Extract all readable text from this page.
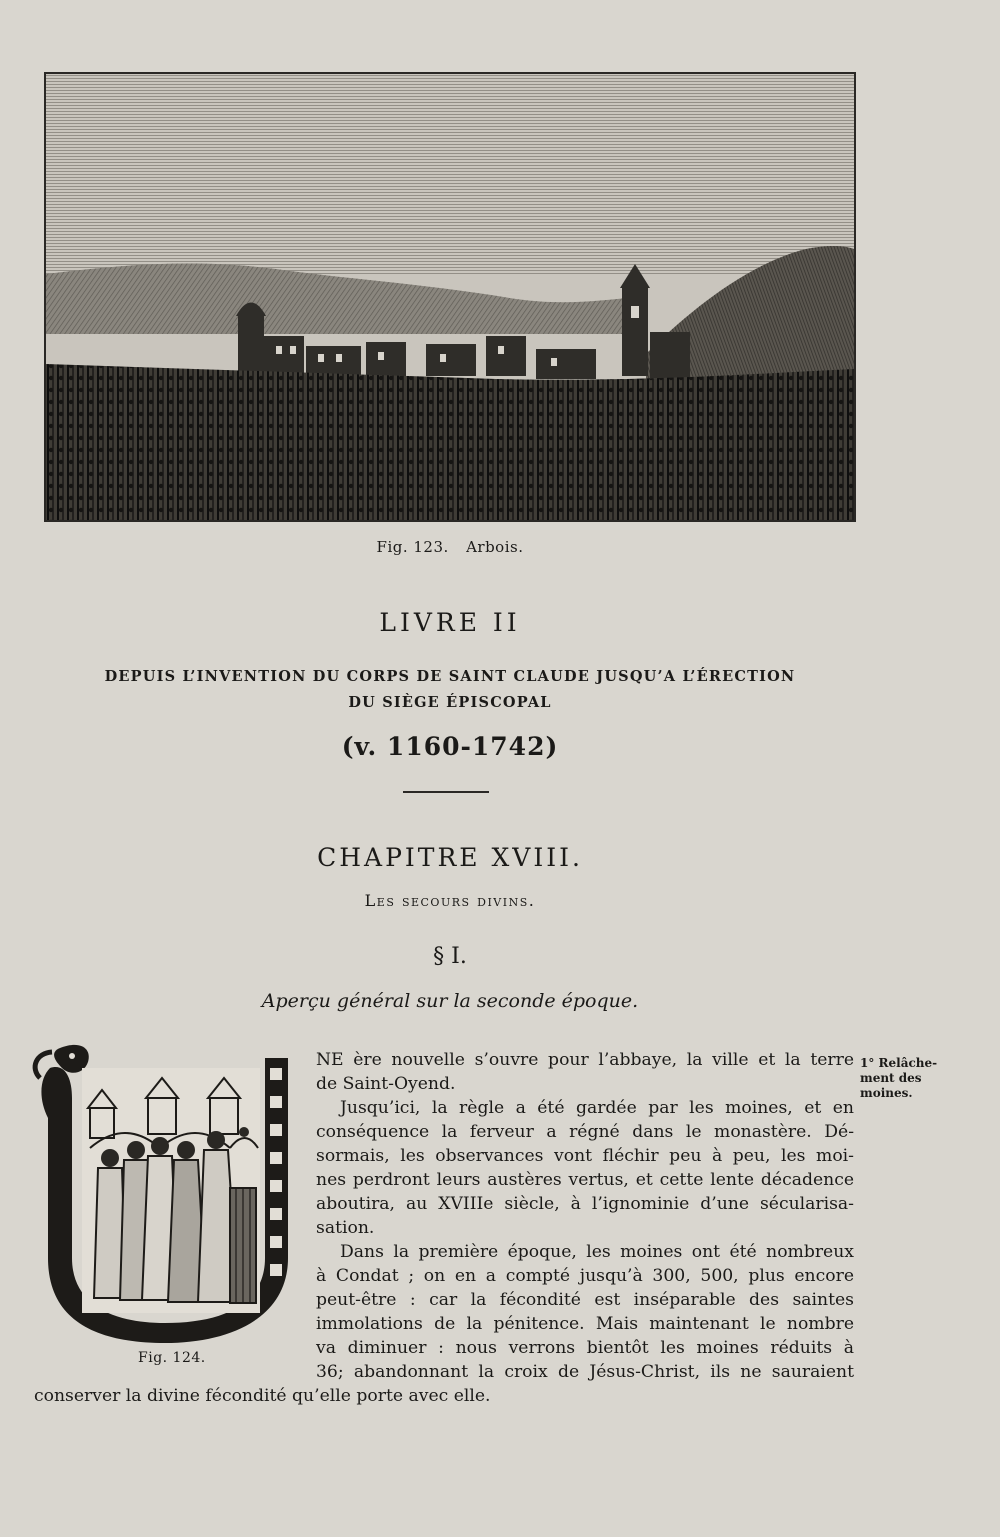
Fig. 123. Arbois.
LIVRE II
DEPUIS L’INVENTION DU CORPS DE SAINT CLAUDE JUSQU’A L’ÉRECTION
DU SIÈGE ÉPISCOPAL
(v. 1160-1742)
CHAPITRE XVIII.
Les secours divins.
§ I.
Aperçu général sur la seconde époque.
Fig. 124.
NE ère nouvelle s’ouvre pour l’abbaye, la ville et la terre
de Saint-Oyend.
Jusqu’ici, la règle a été gardée par les moines, et en
conséquence la ferveur a régné dans le monastère. Dé-
sormais, les observances vont fléchir peu à peu, les moi-
nes perdront leurs austères vertus, et cette lente décadence
aboutira, au XVIIIe siècle, à l’ignominie d’une sécularisa-
sation.
Dans la première époque, les moines ont été nombreux
à Condat ; on en a compté jusqu’à 300, 500, plus encore
peut-être : car la fécondité est inséparable des saintes
immolations de la pénitence. Mais maintenant le nombre
va diminuer : nous verrons bientôt les moines réduits à
36; abandonnant la croix de Jésus-Christ, ils ne sauraient
conserver la divine fécondité qu’elle porte avec elle.
1° Relâche-
ment des
moines.
